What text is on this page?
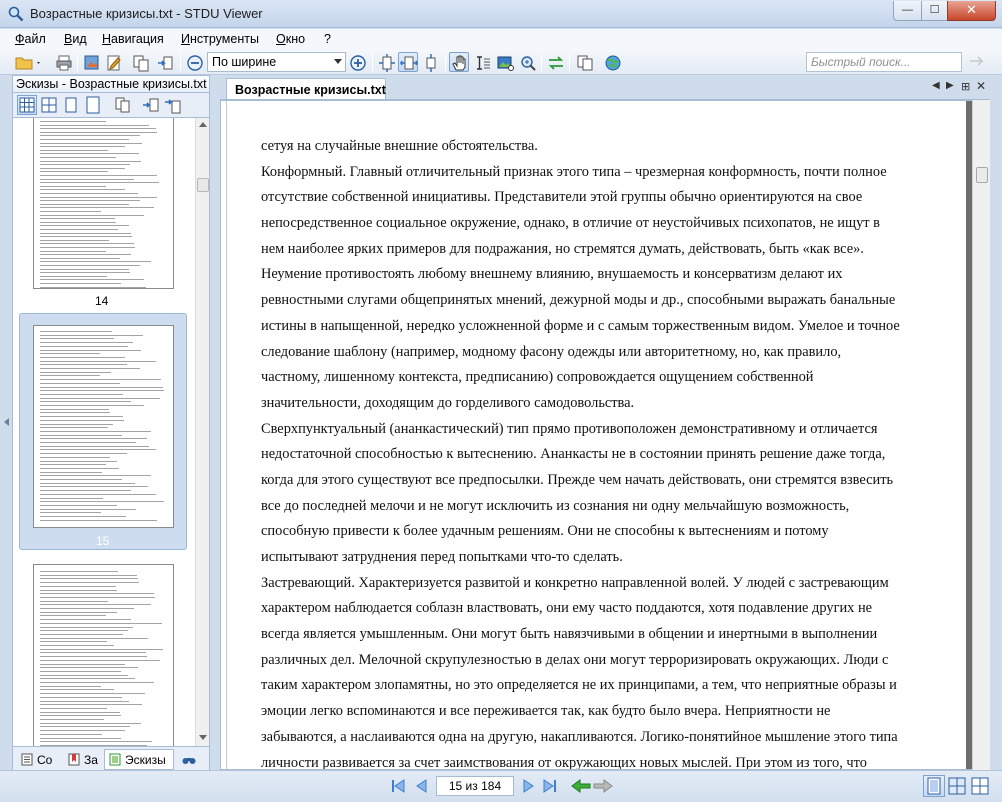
Возрастные кризисы.txt - STDU Viewer	—	☐	✕
Файл Вид Навигация Инструменты Окно ?
По ширине	Быстрый поиск...
Эскизы - Возрастные кризисы.txt
14
15
Со	За	Эскизы
Возрастные кризисы.txt	◀ ▶ ⊞ ✕
сетуя на случайные внешние обстоятельства.
Конформный. Главный отличительный признак этого типа – чрезмерная конформность, почти полное
отсутствие собственной инициативы. Представители этой группы обычно ориентируются на свое
непосредственное социальное окружение, однако, в отличие от неустойчивых психопатов, не ищут в
нем наиболее ярких примеров для подражания, но стремятся думать, действовать, быть «как все».
Неумение противостоять любому внешнему влиянию, внушаемость и консерватизм делают их
ревностными слугами общепринятых мнений, дежурной моды и др., способными выражать банальные
истины в напыщенной, нередко усложненной форме и с самым торжественным видом. Умелое и точное
следование шаблону (например, модному фасону одежды или авторитетному, но, как правило,
частному, лишенному контекста, предписанию) сопровождается ощущением собственной
значительности, доходящим до горделивого самодовольства.
Сверхпунктуальный (ананкастический) тип прямо противоположен демонстративному и отличается
недостаточной способностью к вытеснению. Ананкасты не в состоянии принять решение даже тогда,
когда для этого существуют все предпосылки. Прежде чем начать действовать, они стремятся взвесить
все до последней мелочи и не могут исключить из сознания ни одну мельчайшую возможность,
способную привести к более удачным решениям. Они не способны к вытеснениям и потому
испытывают затруднения перед попытками что-то сделать.
Застревающий. Характеризуется развитой и конкретно направленной волей. У людей с застревающим
характером наблюдается соблазн властвовать, они ему часто поддаются, хотя подавление других не
всегда является умышленным. Они могут быть навязчивыми в общении и инертными в выполнении
различных дел. Мелочной скрупулезностью в делах они могут терроризировать окружающих. Люди с
таким характером злопамятны, но это определяется не их принципами, а тем, что неприятные образы и
эмоции легко вспоминаются и все переживается так, как будто было вчера. Неприятности не
забываются, а наслаиваются одна на другую, накапливаются. Логико-понятийное мышление этого типа
личности развивается за счет заимствования от окружающих новых мыслей. При этом из того, что
15 из 184
